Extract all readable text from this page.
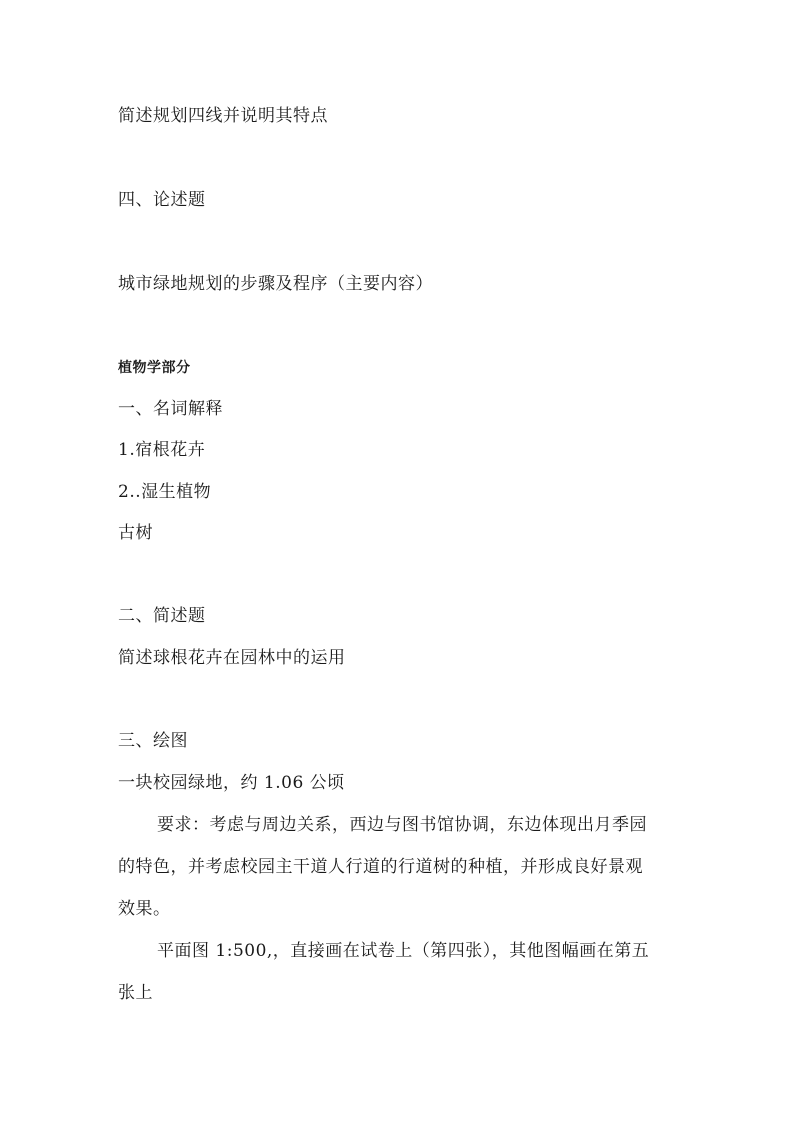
简述规划四线并说明其特点
四、论述题
城市绿地规划的步骤及程序（主要内容）
植物学部分
一、名词解释
1.宿根花卉
2..湿生植物
古树
二、简述题
简述球根花卉在园林中的运用
三、绘图
一块校园绿地，约 1.06 公顷
要求：考虑与周边关系，西边与图书馆协调，东边体现出月季园
的特色，并考虑校园主干道人行道的行道树的种植，并形成良好景观
效果。
平面图 1:500,，直接画在试卷上（第四张），其他图幅画在第五
张上
